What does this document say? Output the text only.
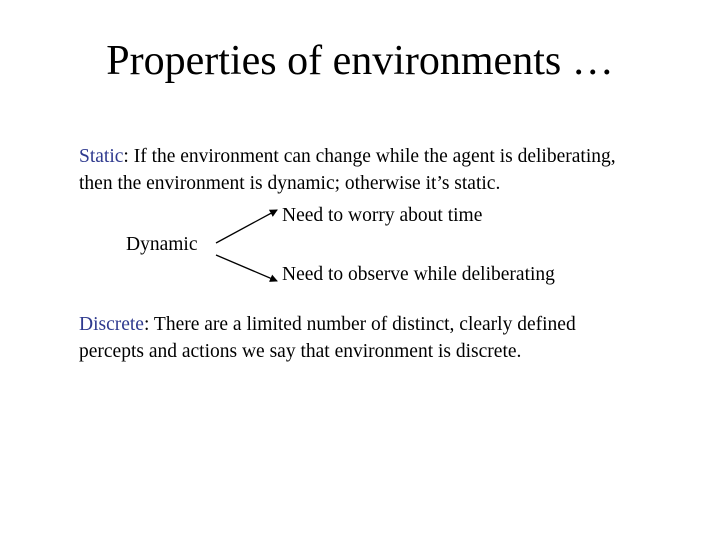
Properties of environments …
Static: If the environment can change while the agent is deliberating,
then the environment is dynamic; otherwise it’s static.
Dynamic
Need to worry about time
Need to observe while deliberating
Discrete: There are a limited number of distinct, clearly defined
percepts and actions we say that environment is discrete.
